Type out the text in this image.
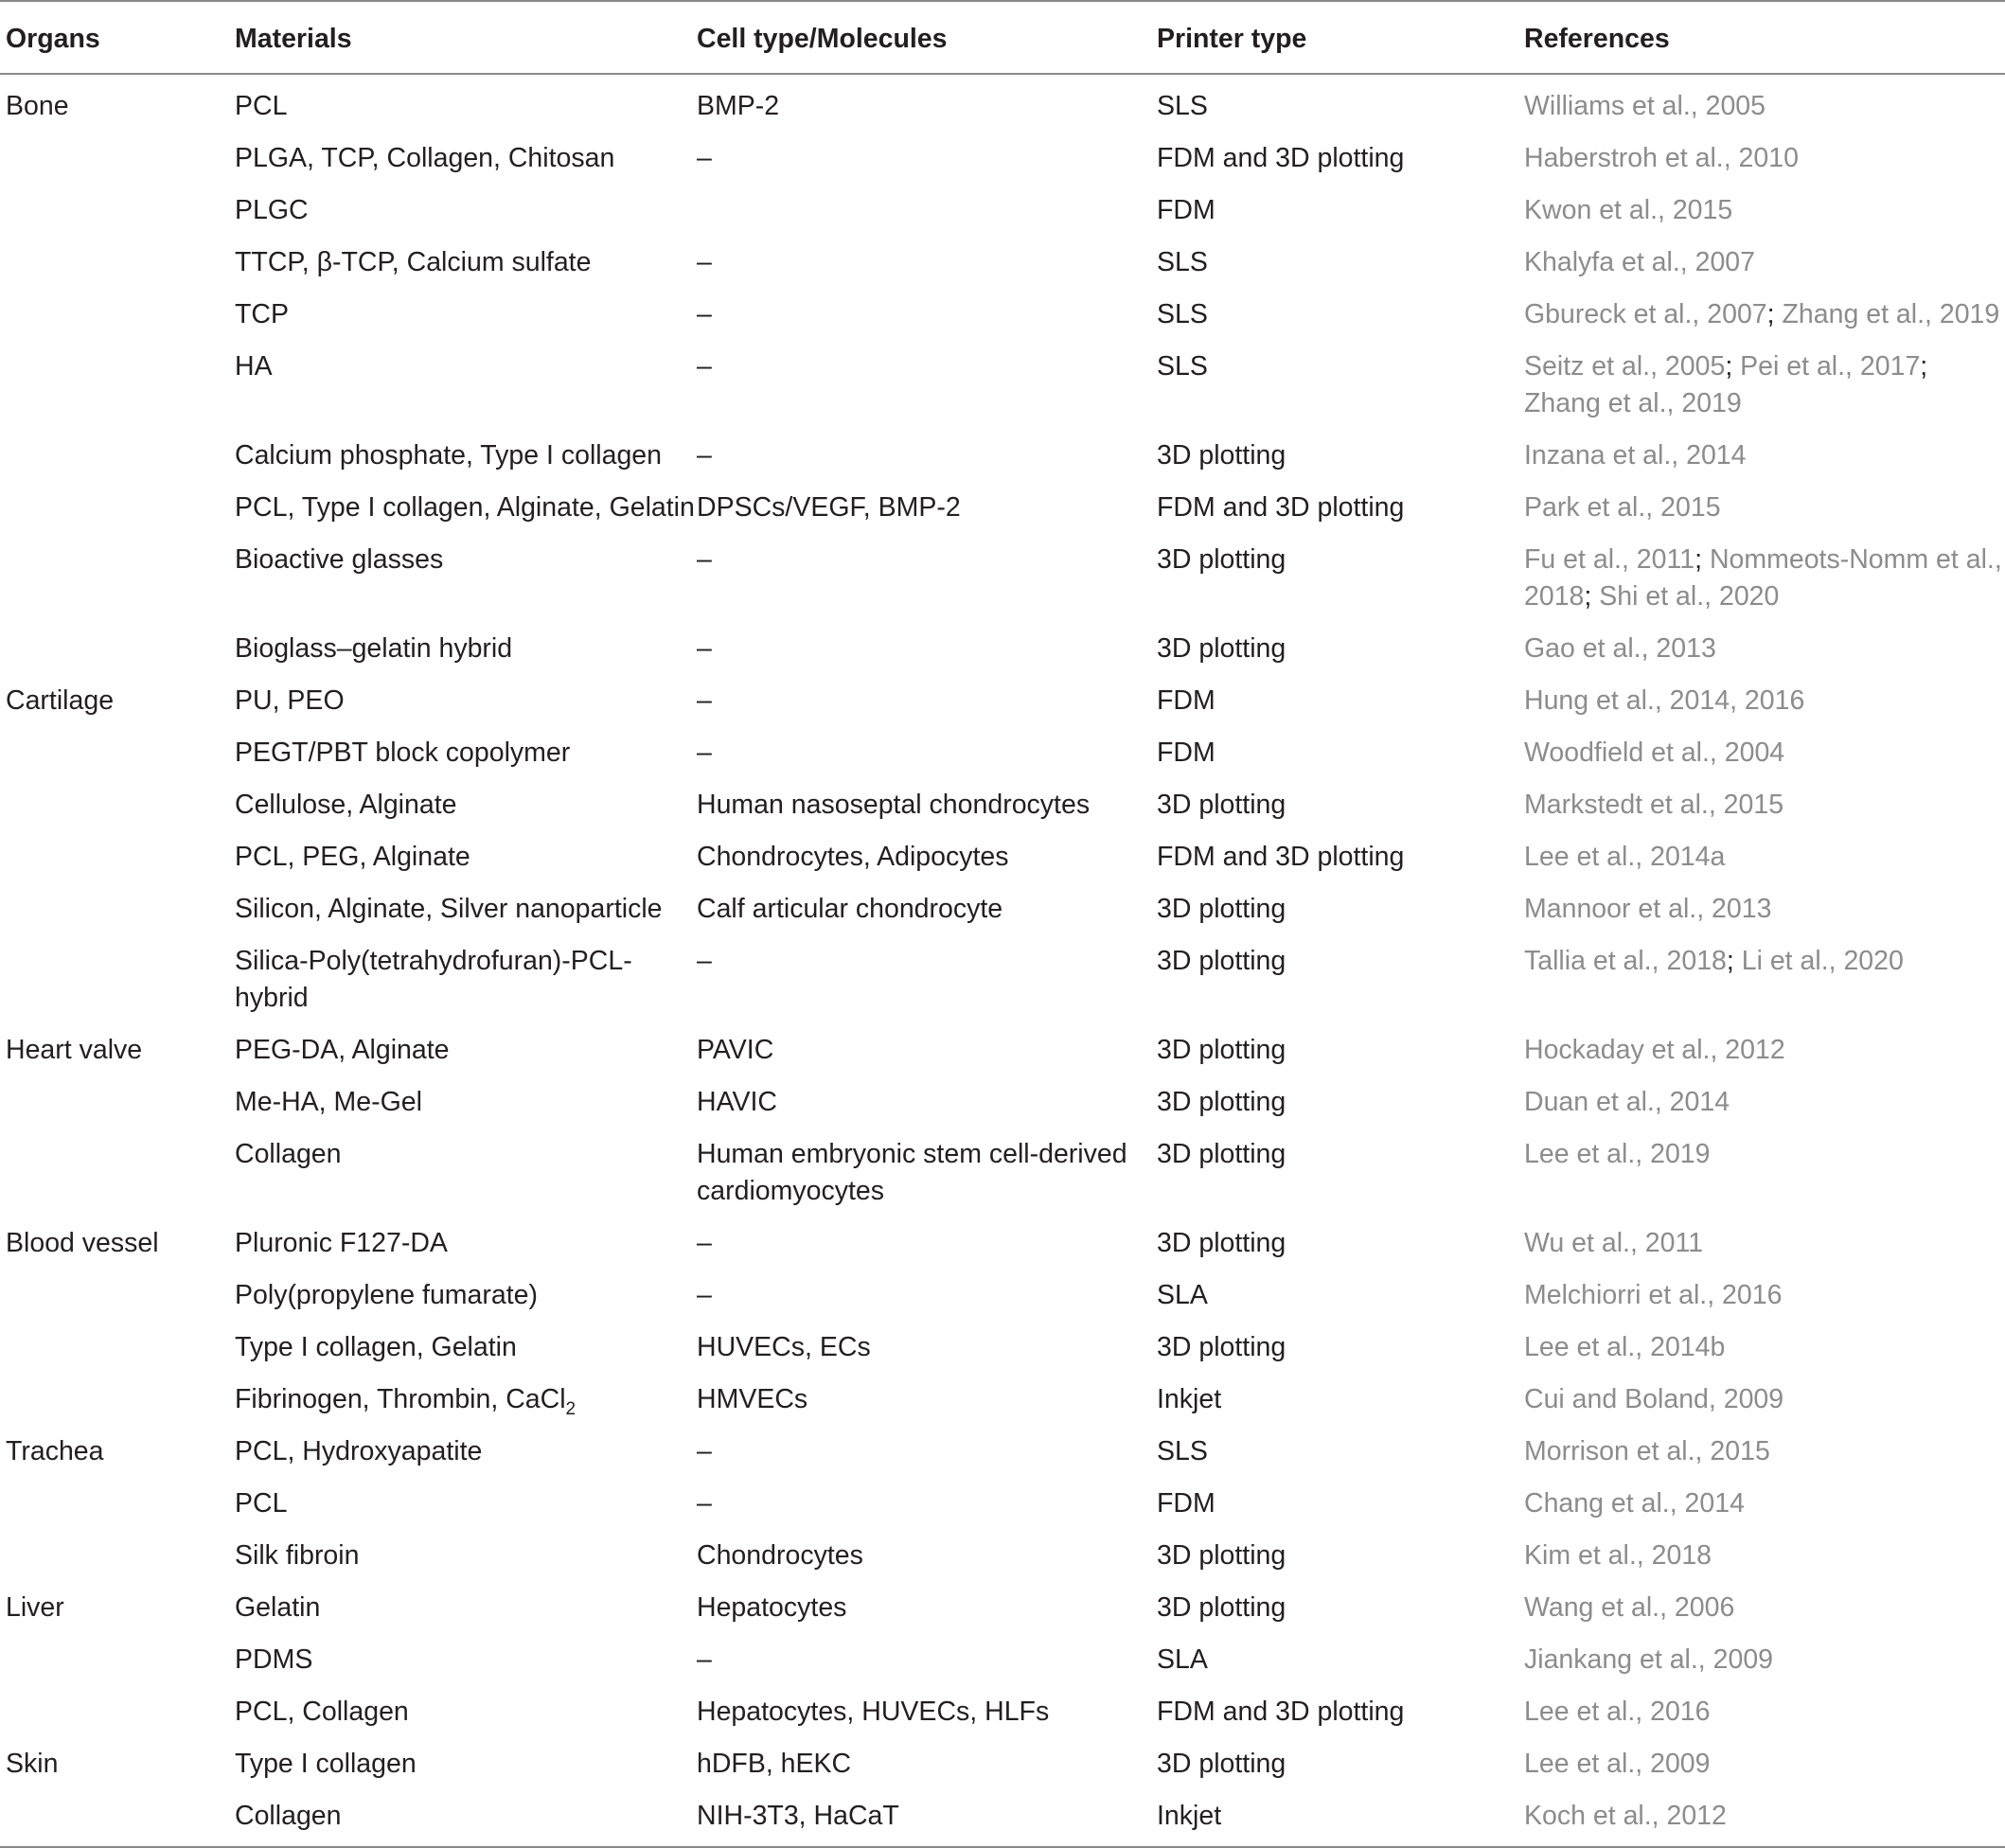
Organs	Materials	Cell type/Molecules	Printer type	References
Bone	PCL	BMP-2	SLS	Williams et al., 2005
	PLGA, TCP, Collagen, Chitosan	–	FDM and 3D plotting	Haberstroh et al., 2010
	PLGC		FDM	Kwon et al., 2015
	TTCP, β-TCP, Calcium sulfate	–	SLS	Khalyfa et al., 2007
	TCP	–	SLS	Gbureck et al., 2007; Zhang et al., 2019
	HA	–	SLS	Seitz et al., 2005; Pei et al., 2017; Zhang et al., 2019
	Calcium phosphate, Type I collagen	–	3D plotting	Inzana et al., 2014
	PCL, Type I collagen, Alginate, Gelatin	DPSCs/VEGF, BMP-2	FDM and 3D plotting	Park et al., 2015
	Bioactive glasses	–	3D plotting	Fu et al., 2011; Nommeots-Nomm et al., 2018; Shi et al., 2020
	Bioglass–gelatin hybrid	–	3D plotting	Gao et al., 2013
Cartilage	PU, PEO	–	FDM	Hung et al., 2014, 2016
	PEGT/PBT block copolymer	–	FDM	Woodfield et al., 2004
	Cellulose, Alginate	Human nasoseptal chondrocytes	3D plotting	Markstedt et al., 2015
	PCL, PEG, Alginate	Chondrocytes, Adipocytes	FDM and 3D plotting	Lee et al., 2014a
	Silicon, Alginate, Silver nanoparticle	Calf articular chondrocyte	3D plotting	Mannoor et al., 2013
	Silica-Poly(tetrahydrofuran)-PCL-hybrid	–	3D plotting	Tallia et al., 2018; Li et al., 2020
Heart valve	PEG-DA, Alginate	PAVIC	3D plotting	Hockaday et al., 2012
	Me-HA, Me-Gel	HAVIC	3D plotting	Duan et al., 2014
	Collagen	Human embryonic stem cell-derived cardiomyocytes	3D plotting	Lee et al., 2019
Blood vessel	Pluronic F127-DA	–	3D plotting	Wu et al., 2011
	Poly(propylene fumarate)	–	SLA	Melchiorri et al., 2016
	Type I collagen, Gelatin	HUVECs, ECs	3D plotting	Lee et al., 2014b
	Fibrinogen, Thrombin, CaCl$_2$	HMVECs	Inkjet	Cui and Boland, 2009
Trachea	PCL, Hydroxyapatite	–	SLS	Morrison et al., 2015
	PCL	–	FDM	Chang et al., 2014
	Silk fibroin	Chondrocytes	3D plotting	Kim et al., 2018
Liver	Gelatin	Hepatocytes	3D plotting	Wang et al., 2006
	PDMS	–	SLA	Jiankang et al., 2009
	PCL, Collagen	Hepatocytes, HUVECs, HLFs	FDM and 3D plotting	Lee et al., 2016
Skin	Type I collagen	hDFB, hEKC	3D plotting	Lee et al., 2009
	Collagen	NIH-3T3, HaCaT	Inkjet	Koch et al., 2012
